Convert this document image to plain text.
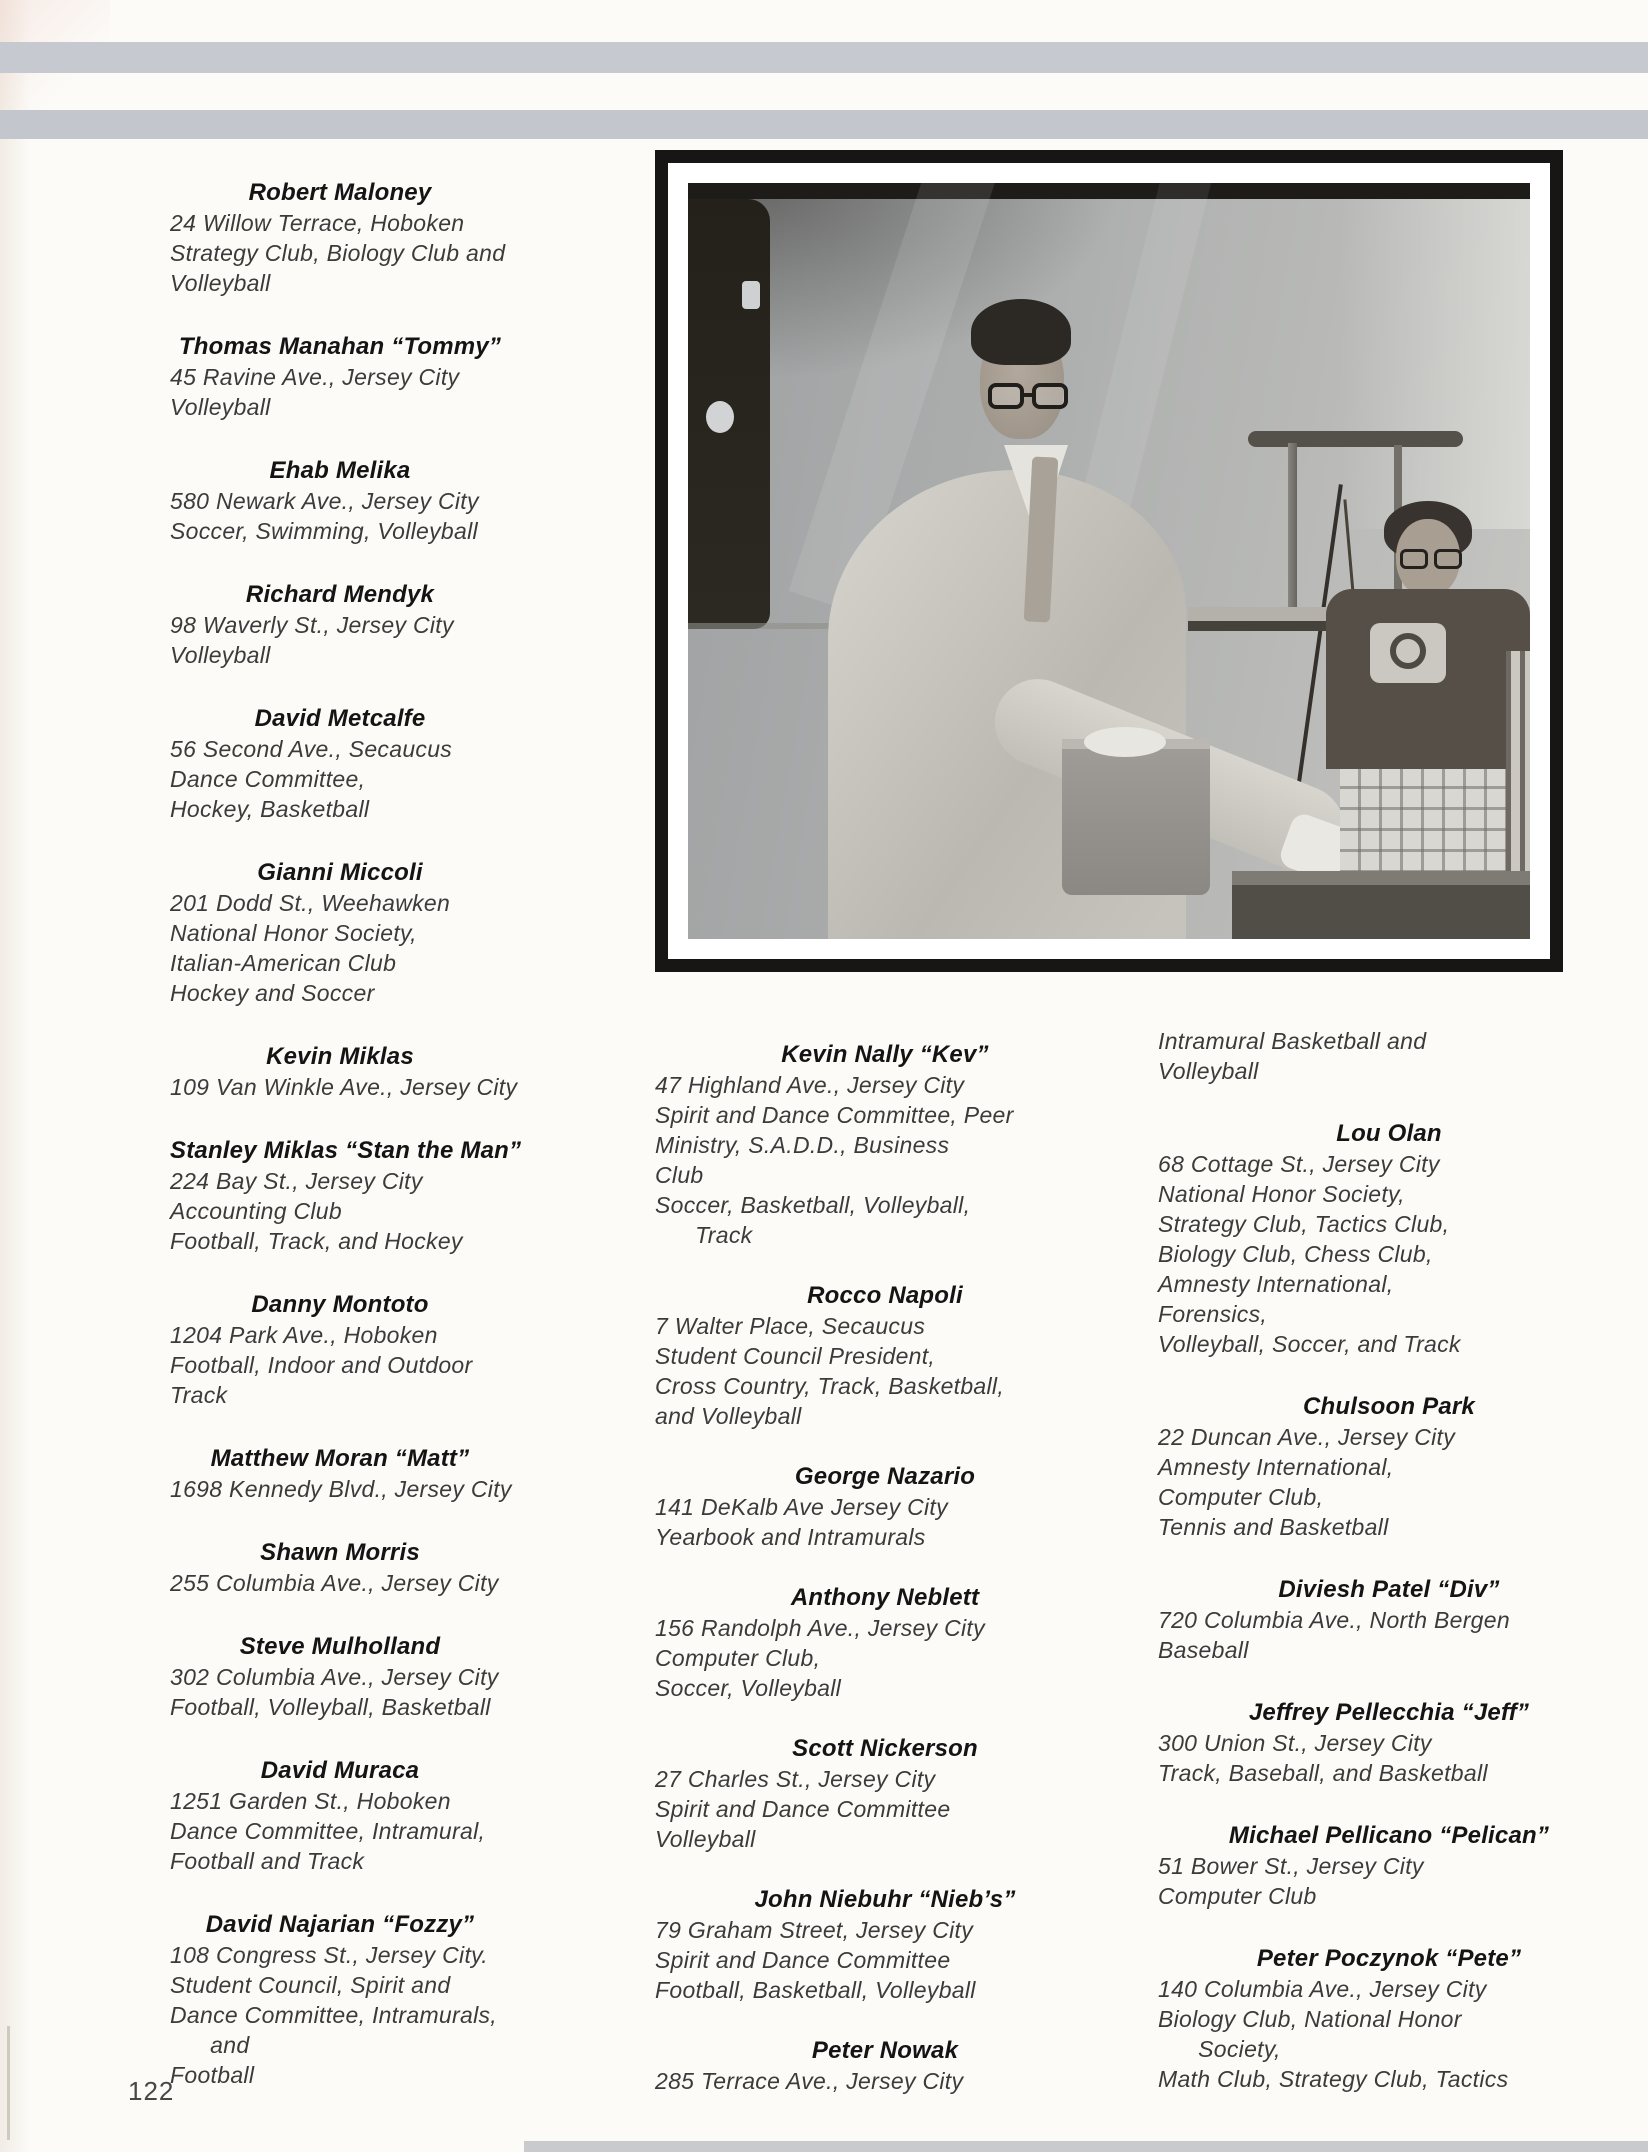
Robert Maloney
24 Willow Terrace, Hoboken
Strategy Club, Biology Club and
Volleyball
Thomas Manahan “Tommy”
45 Ravine Ave., Jersey City
Volleyball
Ehab Melika
580 Newark Ave., Jersey City
Soccer, Swimming, Volleyball
Richard Mendyk
98 Waverly St., Jersey City
Volleyball
David Metcalfe
56 Second Ave., Secaucus
Dance Committee,
Hockey, Basketball
Gianni Miccoli
201 Dodd St., Weehawken
National Honor Society,
Italian-American Club
Hockey and Soccer
Kevin Miklas
109 Van Winkle Ave., Jersey City
Stanley Miklas “Stan the Man”
224 Bay St., Jersey City
Accounting Club
Football, Track, and Hockey
Danny Montoto
1204 Park Ave., Hoboken
Football, Indoor and Outdoor
Track
Matthew Moran “Matt”
1698 Kennedy Blvd., Jersey City
Shawn Morris
255 Columbia Ave., Jersey City
Steve Mulholland
302 Columbia Ave., Jersey City
Football, Volleyball, Basketball
David Muraca
1251 Garden St., Hoboken
Dance Committee, Intramural,
Football and Track
David Najarian “Fozzy”
108 Congress St., Jersey City.
Student Council, Spirit and
Dance Committee, Intramurals,
and
Football
Kevin Nally “Kev”
47 Highland Ave., Jersey City
Spirit and Dance Committee, Peer
Ministry, S.A.D.D., Business
Club
Soccer, Basketball, Volleyball,
Track
Rocco Napoli
7 Walter Place, Secaucus
Student Council President,
Cross Country, Track, Basketball,
and Volleyball
George Nazario
141 DeKalb Ave Jersey City
Yearbook and Intramurals
Anthony Neblett
156 Randolph Ave., Jersey City
Computer Club,
Soccer, Volleyball
Scott Nickerson
27 Charles St., Jersey City
Spirit and Dance Committee
Volleyball
John Niebuhr “Nieb’s”
79 Graham Street, Jersey City
Spirit and Dance Committee
Football, Basketball, Volleyball
Peter Nowak
285 Terrace Ave., Jersey City
Intramural Basketball and
Volleyball
Lou Olan
68 Cottage St., Jersey City
National Honor Society,
Strategy Club, Tactics Club,
Biology Club, Chess Club,
Amnesty International,
Forensics,
Volleyball, Soccer, and Track
Chulsoon Park
22 Duncan Ave., Jersey City
Amnesty International,
Computer Club,
Tennis and Basketball
Diviesh Patel “Div”
720 Columbia Ave., North Bergen
Baseball
Jeffrey Pellecchia “Jeff”
300 Union St., Jersey City
Track, Baseball, and Basketball
Michael Pellicano “Pelican”
51 Bower St., Jersey City
Computer Club
Peter Poczynok “Pete”
140 Columbia Ave., Jersey City
Biology Club, National Honor
Society,
Math Club, Strategy Club, Tactics
122
